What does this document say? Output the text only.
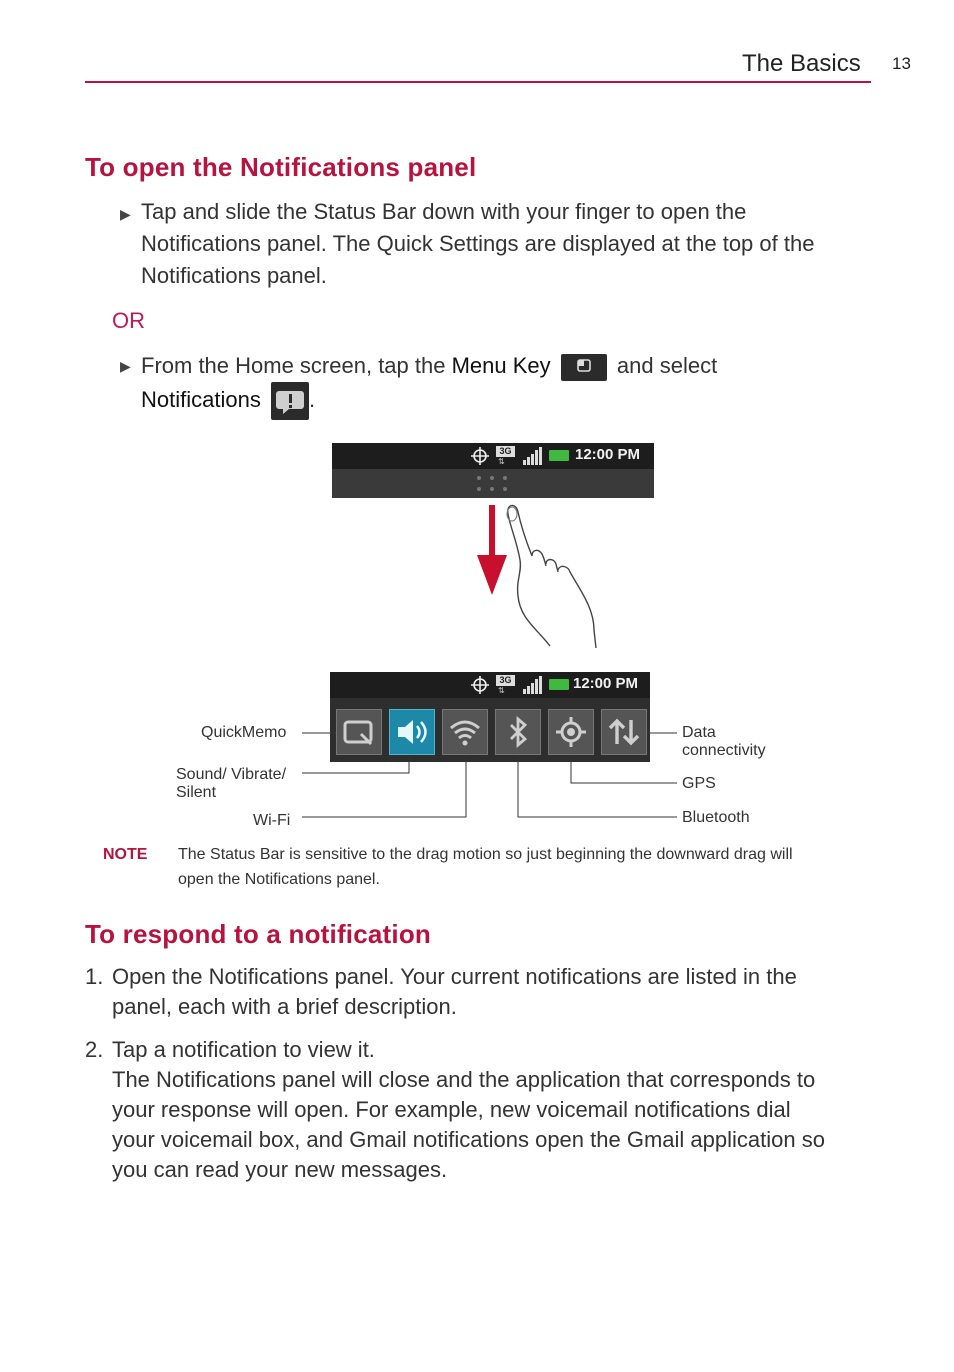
The Basics 13
To open the Notifications panel
▶ Tap and slide the Status Bar down with your finger to open the
Notifications panel. The Quick Settings are displayed at the top of the
Notifications panel.
OR
▶ From the Home screen, tap the Menu Key	and select
Notifications .
3G
⇅	12:00 PM
3G
⇅	12:00 PM
QuickMemo
Sound/ Vibrate/
Silent
Wi-Fi
Data
connectivity
GPS
Bluetooth
NOTE The Status Bar is sensitive to the drag motion so just beginning the downward drag will
open the Notifications panel.
To respond to a notification
1. Open the Notifications panel. Your current notifications are listed in the
panel, each with a brief description.
2. Tap a notification to view it.
The Notifications panel will close and the application that corresponds to
your response will open. For example, new voicemail notifications dial
your voicemail box, and Gmail notifications open the Gmail application so
you can read your new messages.
